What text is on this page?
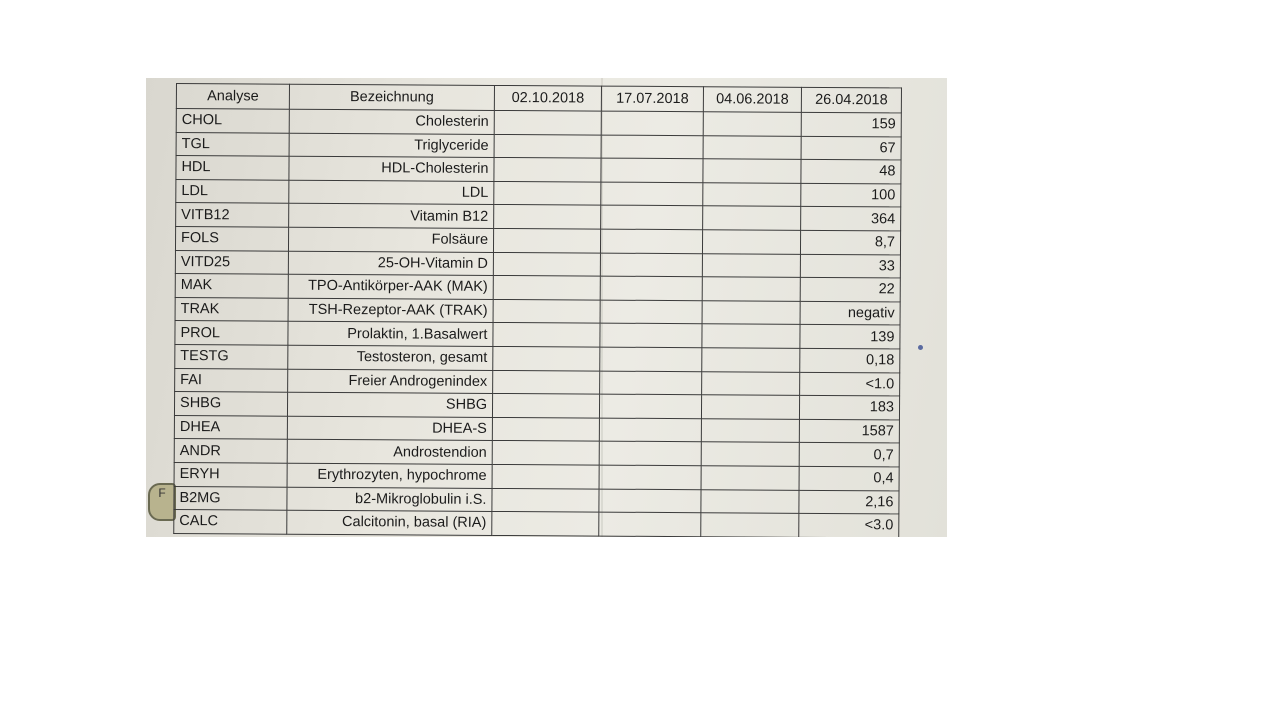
F
Analyse	Bezeichnung	02.10.2018	17.07.2018	04.06.2018	26.04.2018
CHOL	Cholesterin				159
TGL	Triglyceride				67
HDL	HDL-Cholesterin				48
LDL	LDL				100
VITB12	Vitamin B12				364
FOLS	Folsäure				8,7
VITD25	25-OH-Vitamin D				33
MAK	TPO-Antikörper-AAK (MAK)				22
TRAK	TSH-Rezeptor-AAK (TRAK)				negativ
PROL	Prolaktin, 1.Basalwert				139
TESTG	Testosteron, gesamt				0,18
FAI	Freier Androgenindex				<1.0
SHBG	SHBG				183
DHEA	DHEA-S				1587
ANDR	Androstendion				0,7
ERYH	Erythrozyten, hypochrome				0,4
B2MG	b2-Mikroglobulin i.S.				2,16
CALC	Calcitonin, basal (RIA)				<3.0
